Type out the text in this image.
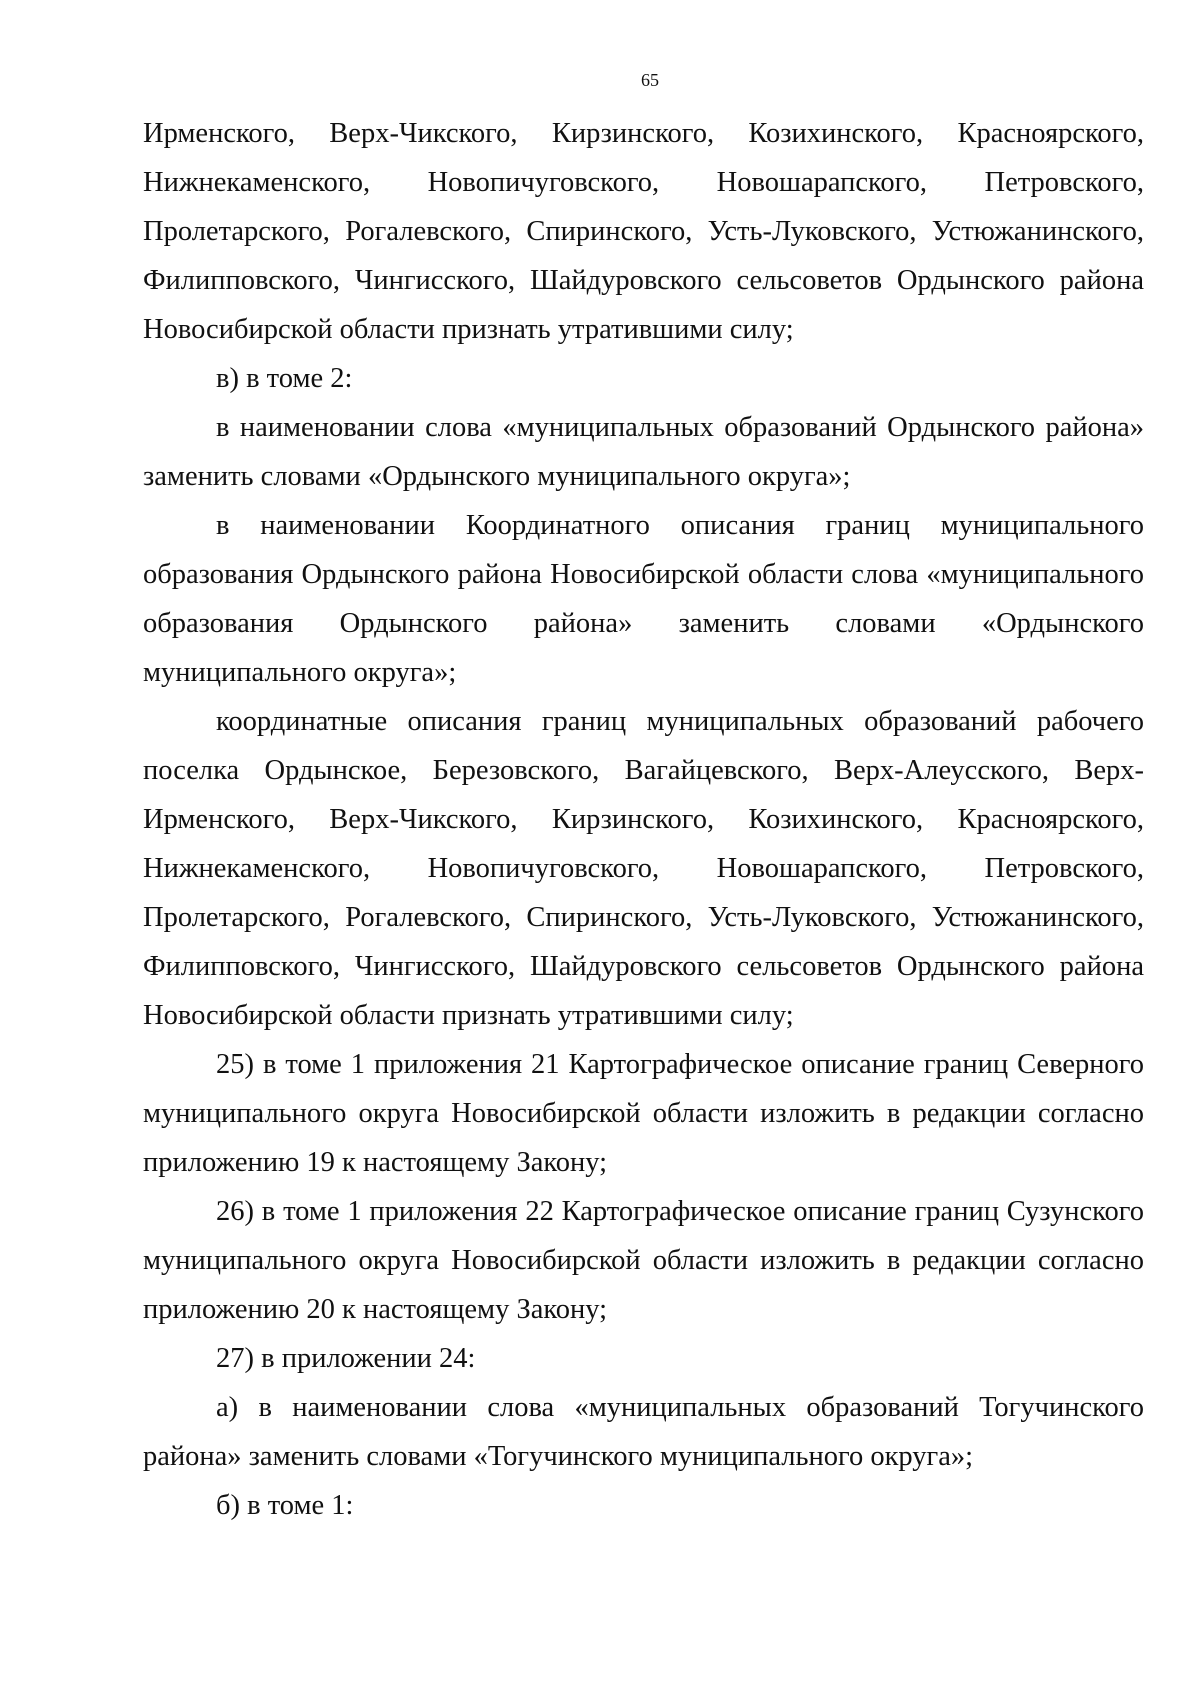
65

Ирменского, Верх-Чикского, Кирзинского, Козихинского, Красноярского, Нижнекаменского, Новопичуговского, Новошарапского, Петровского, Пролетарского, Рогалевского, Спиринского, Усть-Луковского, Устюжанинского, Филипповского, Чингисского, Шайдуровского сельсоветов Ордынского района Новосибирской области признать утратившими силу;

в) в томе 2:

в наименовании слова «муниципальных образований Ордынского района» заменить словами «Ордынского муниципального округа»;

в наименовании Координатного описания границ муниципального образования Ордынского района Новосибирской области слова «муниципального образования Ордынского района» заменить словами «Ордынского муниципального округа»;

координатные описания границ муниципальных образований рабочего поселка Ордынское, Березовского, Вагайцевского, Верх-Алеусского, Верх-Ирменского, Верх-Чикского, Кирзинского, Козихинского, Красноярского, Нижнекаменского, Новопичуговского, Новошарапского, Петровского, Пролетарского, Рогалевского, Спиринского, Усть-Луковского, Устюжанинского, Филипповского, Чингисского, Шайдуровского сельсоветов Ордынского района Новосибирской области признать утратившими силу;

25) в томе 1 приложения 21 Картографическое описание границ Северного муниципального округа Новосибирской области изложить в редакции согласно приложению 19 к настоящему Закону;

26) в томе 1 приложения 22 Картографическое описание границ Сузунского муниципального округа Новосибирской области изложить в редакции согласно приложению 20 к настоящему Закону;

27) в приложении 24:

а) в наименовании слова «муниципальных образований Тогучинского района» заменить словами «Тогучинского муниципального округа»;

б) в томе 1:
